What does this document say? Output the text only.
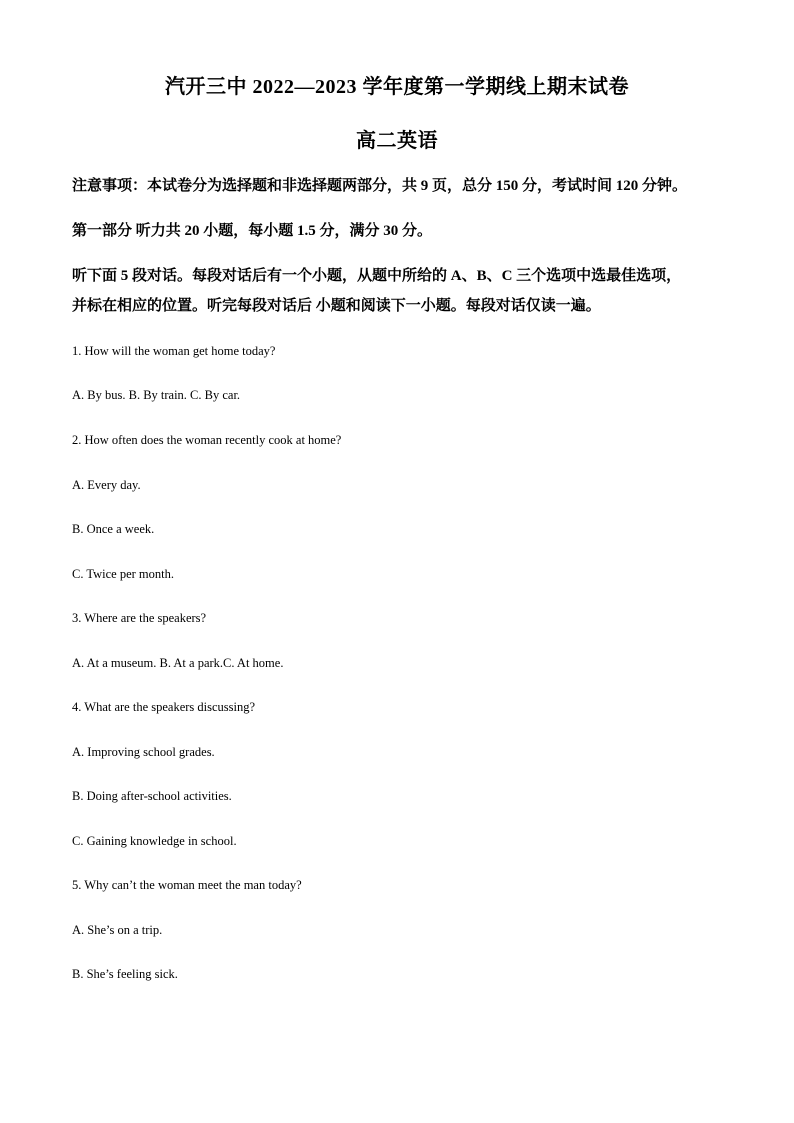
汽开三中 2022—2023 学年度第一学期线上期末试卷
高二英语
注意事项：本试卷分为选择题和非选择题两部分，共 9 页，总分 150 分，考试时间 120 分钟。
第一部分 听力共 20 小题，每小题 1.5 分，满分 30 分。
听下面 5 段对话。每段对话后有一个小题，从题中所给的 A、B、C 三个选项中选最佳选项，
并标在相应的位置。听完每段对话后 小题和阅读下一小题。每段对话仅读一遍。
1. How will the woman get home today?
A. By bus. B. By train. C. By car.
2. How often does the woman recently cook at home?
A. Every day.
B. Once a week.
C. Twice per month.
3. Where are the speakers?
A. At a museum. B. At a park.C. At home.
4. What are the speakers discussing?
A. Improving school grades.
B. Doing after-school activities.
C. Gaining knowledge in school.
5. Why can’t the woman meet the man today?
A. She’s on a trip.
B. She’s feeling sick.
